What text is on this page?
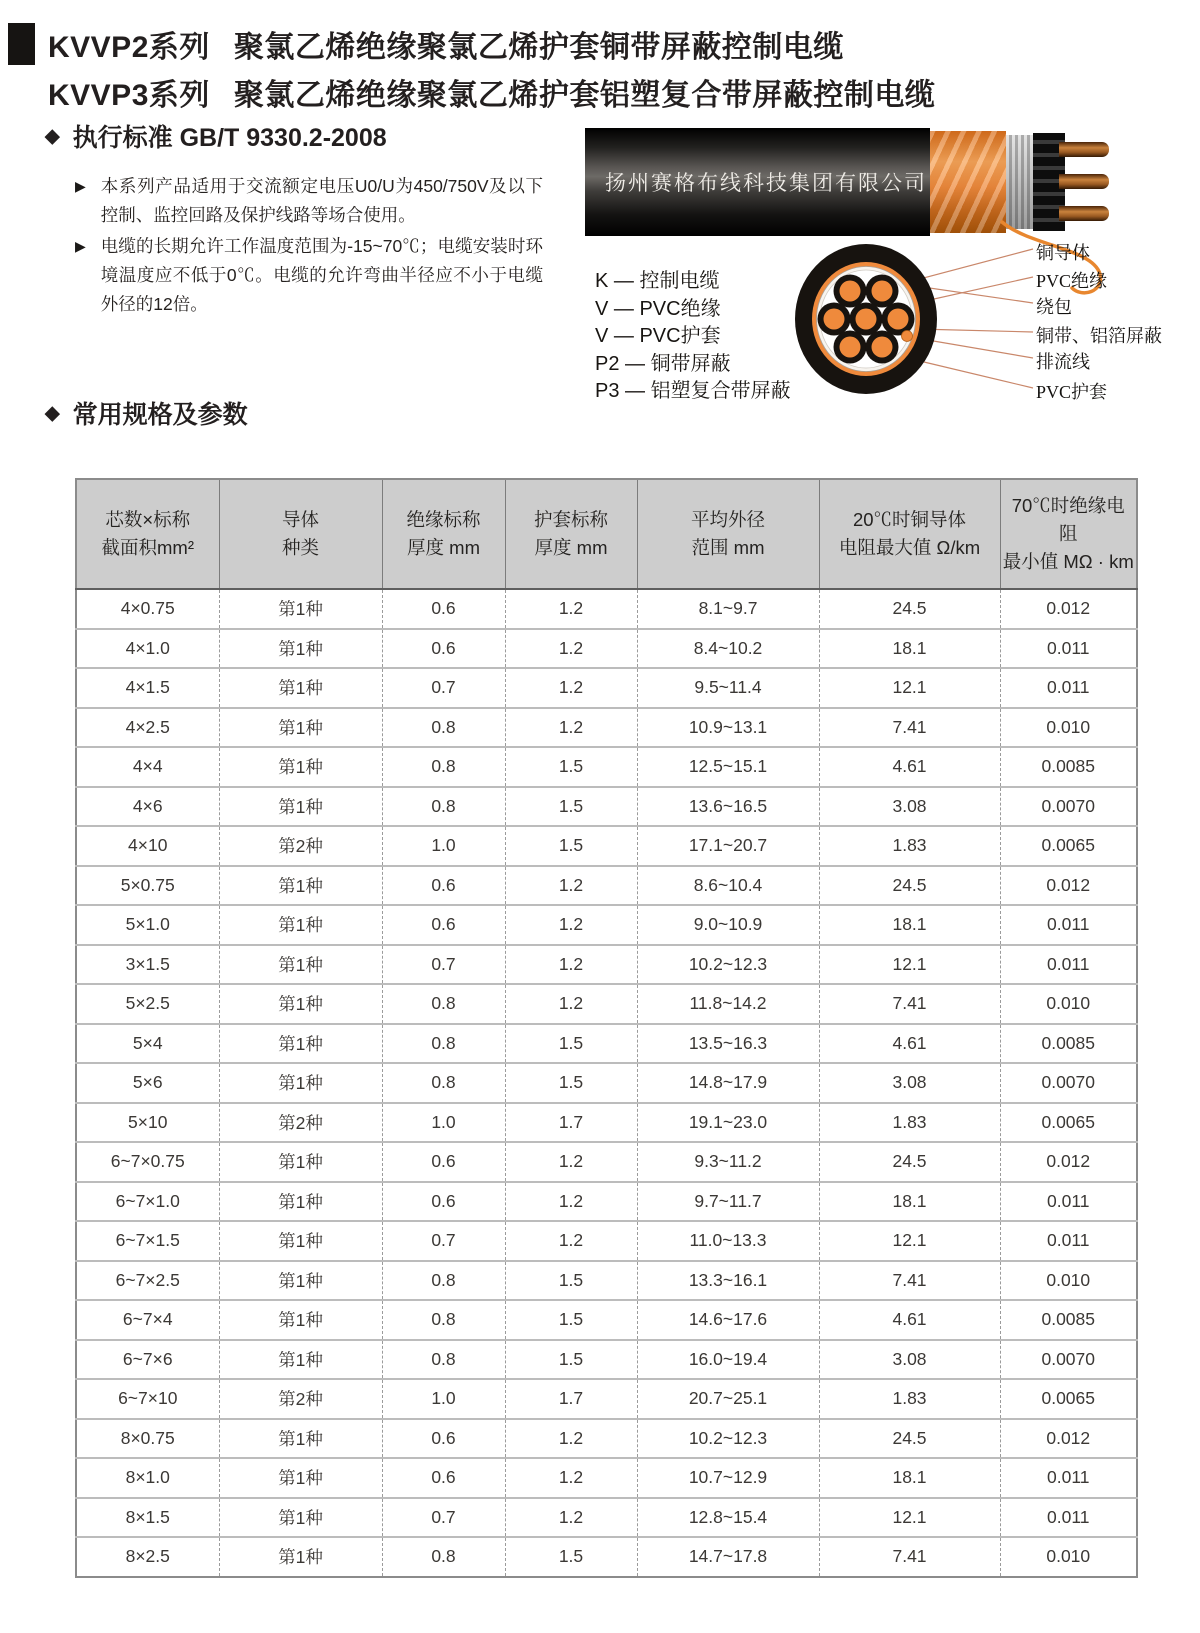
KVVP2系列 聚氯乙烯绝缘聚氯乙烯护套铜带屏蔽控制电缆
KVVP3系列 聚氯乙烯绝缘聚氯乙烯护套铝塑复合带屏蔽控制电缆
◆ 执行标准 GB/T 9330.2-2008
▶ 本系列产品适用于交流额定电压U0/U为450/750V及以下控制、监控回路及保护线路等场合使用。
▶ 电缆的长期允许工作温度范围为-15~70℃；电缆安装时环境温度应不低于0℃。电缆的允许弯曲半径应不小于电缆外径的12倍。
扬州赛格布线科技集团有限公司
K — 控制电缆
V — PVC绝缘
V — PVC护套
P2 — 铜带屏蔽
P3 — 铝塑复合带屏蔽
铜导体
PVC绝缘
绕包
铜带、铝箔屏蔽
排流线
PVC护套
◆ 常用规格及参数
芯数×标称
截面积mm²

导体
种类

绝缘标称
厚度 mm

护套标称
厚度 mm

平均外径
范围 mm

20℃时铜导体
电阻最大值 Ω/km

70℃时绝缘电阻
最小值 MΩ · km

4×0.75	第1种	0.6	1.2	8.1~9.7	24.5	0.012
4×1.0	第1种	0.6	1.2	8.4~10.2	18.1	0.011
4×1.5	第1种	0.7	1.2	9.5~11.4	12.1	0.011
4×2.5	第1种	0.8	1.2	10.9~13.1	7.41	0.010
4×4	第1种	0.8	1.5	12.5~15.1	4.61	0.0085
4×6	第1种	0.8	1.5	13.6~16.5	3.08	0.0070
4×10	第2种	1.0	1.5	17.1~20.7	1.83	0.0065
5×0.75	第1种	0.6	1.2	8.6~10.4	24.5	0.012
5×1.0	第1种	0.6	1.2	9.0~10.9	18.1	0.011
3×1.5	第1种	0.7	1.2	10.2~12.3	12.1	0.011
5×2.5	第1种	0.8	1.2	11.8~14.2	7.41	0.010
5×4	第1种	0.8	1.5	13.5~16.3	4.61	0.0085
5×6	第1种	0.8	1.5	14.8~17.9	3.08	0.0070
5×10	第2种	1.0	1.7	19.1~23.0	1.83	0.0065
6~7×0.75	第1种	0.6	1.2	9.3~11.2	24.5	0.012
6~7×1.0	第1种	0.6	1.2	9.7~11.7	18.1	0.011
6~7×1.5	第1种	0.7	1.2	11.0~13.3	12.1	0.011
6~7×2.5	第1种	0.8	1.5	13.3~16.1	7.41	0.010
6~7×4	第1种	0.8	1.5	14.6~17.6	4.61	0.0085
6~7×6	第1种	0.8	1.5	16.0~19.4	3.08	0.0070
6~7×10	第2种	1.0	1.7	20.7~25.1	1.83	0.0065
8×0.75	第1种	0.6	1.2	10.2~12.3	24.5	0.012
8×1.0	第1种	0.6	1.2	10.7~12.9	18.1	0.011
8×1.5	第1种	0.7	1.2	12.8~15.4	12.1	0.011
8×2.5	第1种	0.8	1.5	14.7~17.8	7.41	0.010
